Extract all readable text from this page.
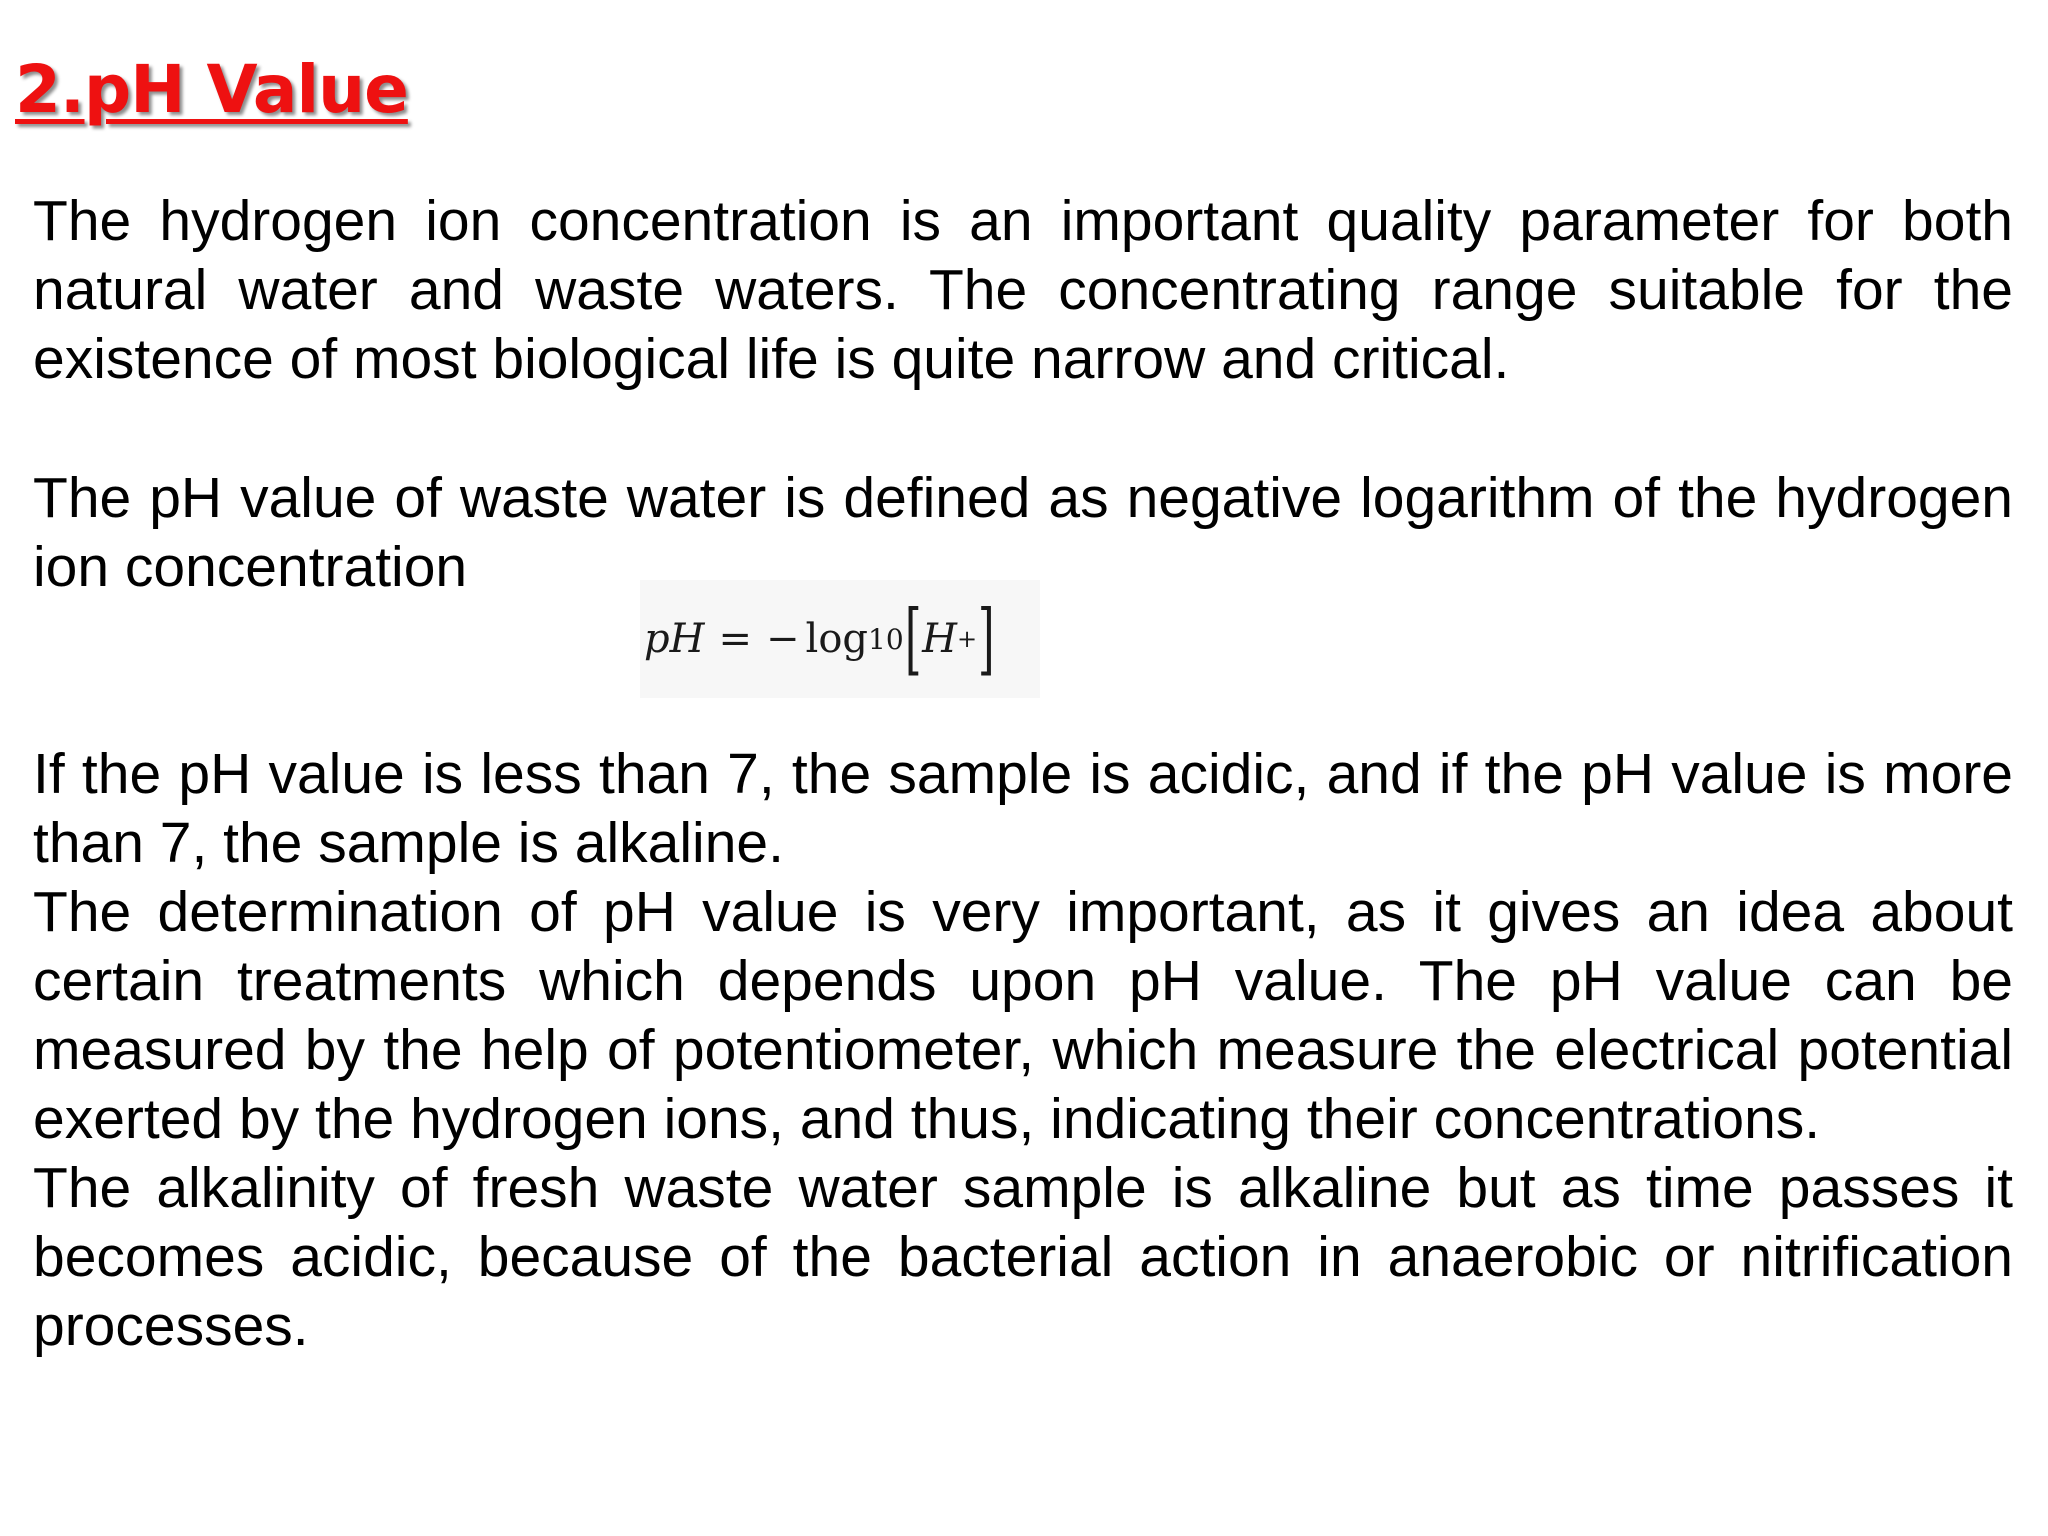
2.pH Value

The hydrogen ion concentration is an important quality parameter for both natural water and waste waters. The concentrating range suitable for the existence of most biological life is quite narrow and critical.

The pH value of waste water is defined as negative logarithm of the hydrogen ion concentration

pH = − log 10 [ H + ]

If the pH value is less than 7, the sample is acidic, and if the pH value is more than 7, the sample is alkaline.

The determination of pH value is very important, as it gives an idea about certain treatments which depends upon pH value. The pH value can be measured by the help of potentiometer, which measure the electrical potential exerted by the hydrogen ions, and thus, indicating their concentrations.

The alkalinity of fresh waste water sample is alkaline but as time passes it becomes acidic, because of the bacterial action in anaerobic or nitrification processes.
